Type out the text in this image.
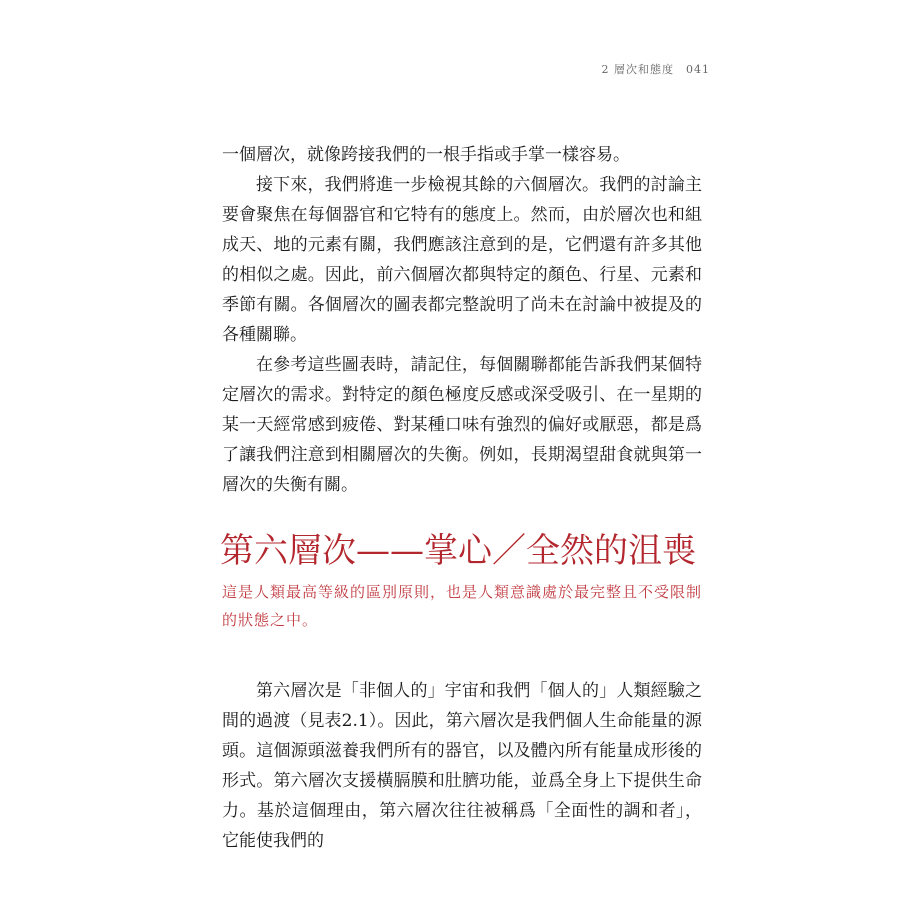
2 層次和態度 041

一個層次，就像跨接我們的一根手指或手掌一樣容易。

接下來，我們將進一步檢視其餘的六個層次。我們的討論主要會聚焦在每個器官和它特有的態度上。然而，由於層次也和組成天、地的元素有關，我們應該注意到的是，它們還有許多其他的相似之處。因此，前六個層次都與特定的顏色、行星、元素和季節有關。各個層次的圖表都完整說明了尚未在討論中被提及的各種關聯。

在參考這些圖表時，請記住，每個關聯都能告訴我們某個特定層次的需求。對特定的顏色極度反感或深受吸引、在一星期的某一天經常感到疲倦、對某種口味有強烈的偏好或厭惡，都是爲了讓我們注意到相關層次的失衡。例如，長期渴望甜食就與第一層次的失衡有關。

第六層次——掌心／全然的沮喪
這是人類最高等級的區別原則，也是人類意識處於最完整且不受限制的狀態之中。

第六層次是「非個人的」宇宙和我們「個人的」人類經驗之間的過渡（見表2.1）。因此，第六層次是我們個人生命能量的源頭。這個源頭滋養我們所有的器官，以及體內所有能量成形後的形式。第六層次支援橫膈膜和肚臍功能，並爲全身上下提供生命力。基於這個理由，第六層次往往被稱爲「全面性的調和者」，它能使我們的
